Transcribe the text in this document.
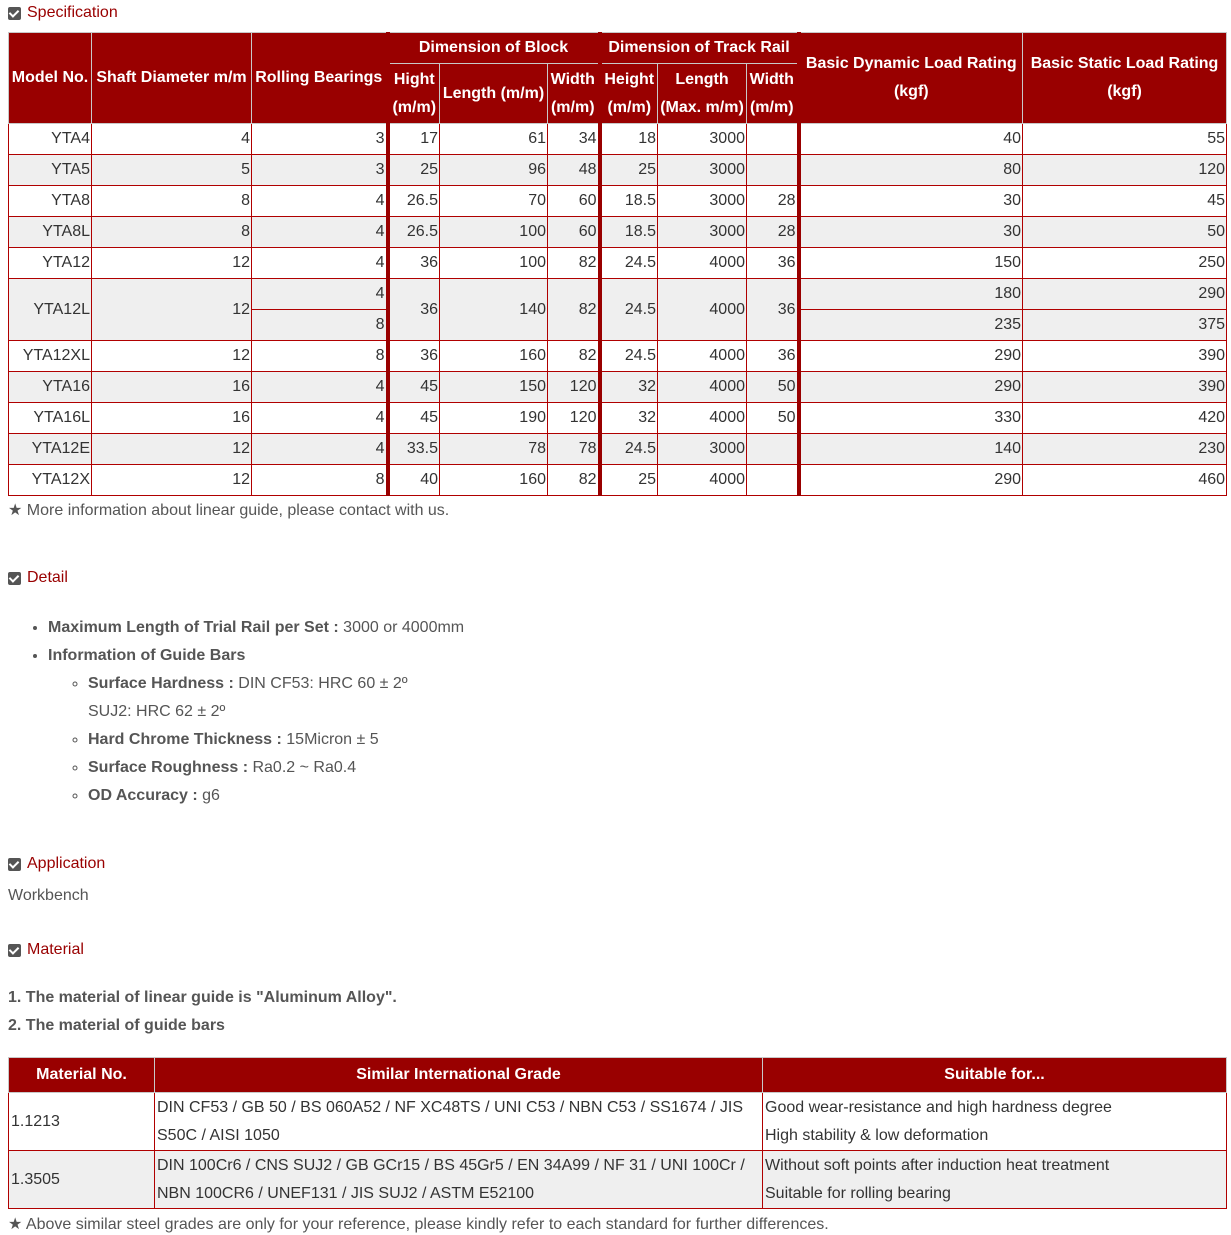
Specification
Model No.	Shaft Diameter m/m	Rolling Bearings	Dimension of Block			Dimension of Track Rail			Basic Dynamic Load Rating (kgf)	Basic Static Load Rating (kgf)
			Hight (m/m)	Length (m/m)	Width (m/m)	Height (m/m)	Length (Max. m/m)	Width (m/m)		
YTA4	4	3	17	61	34	18	3000		40	55
YTA5	5	3	25	96	48	25	3000		80	120
YTA8	8	4	26.5	70	60	18.5	3000	28	30	45
YTA8L	8	4	26.5	100	60	18.5	3000	28	30	50
YTA12	12	4	36	100	82	24.5	4000	36	150	250
YTA12L	12	4	36	140	82	24.5	4000	36	180	290
		8							235	375
YTA12XL	12	8	36	160	82	24.5	4000	36	290	390
YTA16	16	4	45	150	120	32	4000	50	290	390
YTA16L	16	4	45	190	120	32	4000	50	330	420
YTA12E	12	4	33.5	78	78	24.5	3000		140	230
YTA12X	12	8	40	160	82	25	4000		290	460
★ More information about linear guide, please contact with us.
Detail
• Maximum Length of Trial Rail per Set : 3000 or 4000mm
• Information of Guide Bars
◦ Surface Hardness : DIN CF53: HRC 60 ± 2º
SUJ2: HRC 62 ± 2º
◦ Hard Chrome Thickness : 15Micron ± 5
◦ Surface Roughness : Ra0.2 ~ Ra0.4
◦ OD Accuracy : g6
Application
Workbench
Material
1. The material of linear guide is "Aluminum Alloy".
2. The material of guide bars
Material No.	Similar International Grade	Suitable for...
1.1213	DIN CF53 / GB 50 / BS 060A52 / NF XC48TS / UNI C53 / NBN C53 / SS1674 / JIS S50C / AISI 1050	Good wear-resistance and high hardness degree
High stability & low deformation
1.3505	DIN 100Cr6 / CNS SUJ2 / GB GCr15 / BS 45Gr5 / EN 34A99 / NF 31 / UNI 100Cr / NBN 100CR6 / UNEF131 / JIS SUJ2 / ASTM E52100	Without soft points after induction heat treatment
Suitable for rolling bearing
★ Above similar steel grades are only for your reference, please kindly refer to each standard for further differences.
